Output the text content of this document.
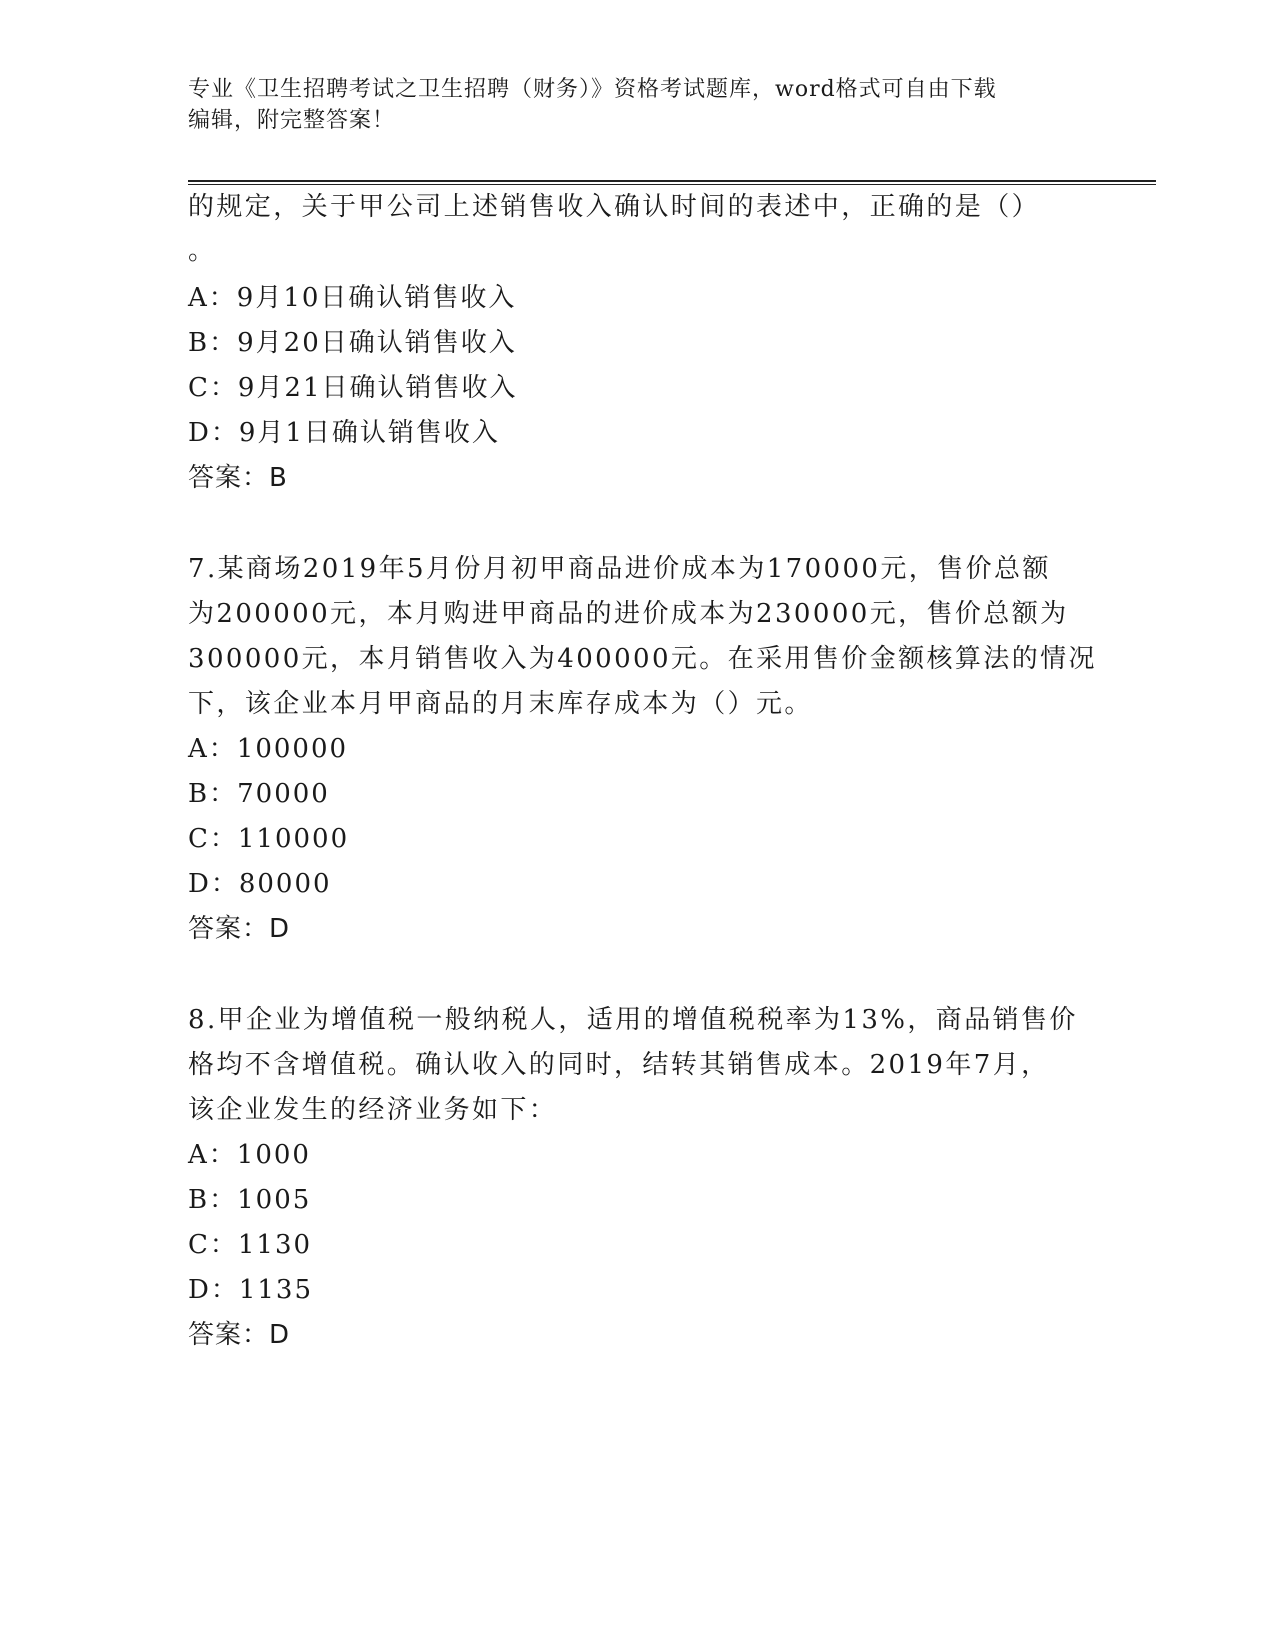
专业《卫生招聘考试之卫生招聘（财务）》资格考试题库，word格式可自由下载
编辑，附完整答案！
的规定，关于甲公司上述销售收入确认时间的表述中，正确的是（）
。
A：9月10日确认销售收入
B：9月20日确认销售收入
C：9月21日确认销售收入
D：9月1日确认销售收入
答案：B
7.某商场2019年5月份月初甲商品进价成本为170000元，售价总额
为200000元，本月购进甲商品的进价成本为230000元，售价总额为
300000元，本月销售收入为400000元。在采用售价金额核算法的情况
下，该企业本月甲商品的月末库存成本为（）元。
A：100000
B：70000
C：110000
D：80000
答案：D
8.甲企业为增值税一般纳税人，适用的增值税税率为13%，商品销售价
格均不含增值税。确认收入的同时，结转其销售成本。2019年7月，
该企业发生的经济业务如下：
A：1000
B：1005
C：1130
D：1135
答案：D
